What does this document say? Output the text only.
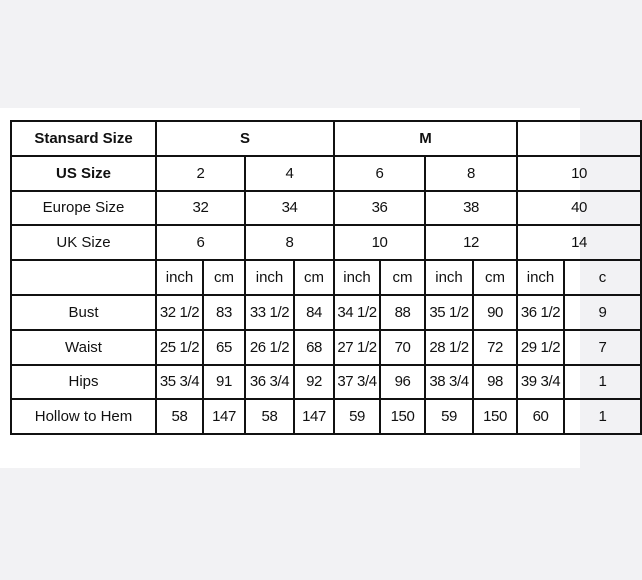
Stansard Size	S				M					
US Size	2		4		6		8		10	
Europe Size	32		34		36		38		40	
UK Size	6		8		10		12		14	
	inch	cm	inch	cm	inch	cm	inch	cm	inch	c
Bust	32 1/2	83	33 1/2	84	34 1/2	88	35 1/2	90	36 1/2	9
Waist	25 1/2	65	26 1/2	68	27 1/2	70	28 1/2	72	29 1/2	7
Hips	35 3/4	91	36 3/4	92	37 3/4	96	38 3/4	98	39 3/4	1
Hollow to Hem	58	147	58	147	59	150	59	150	60	1
